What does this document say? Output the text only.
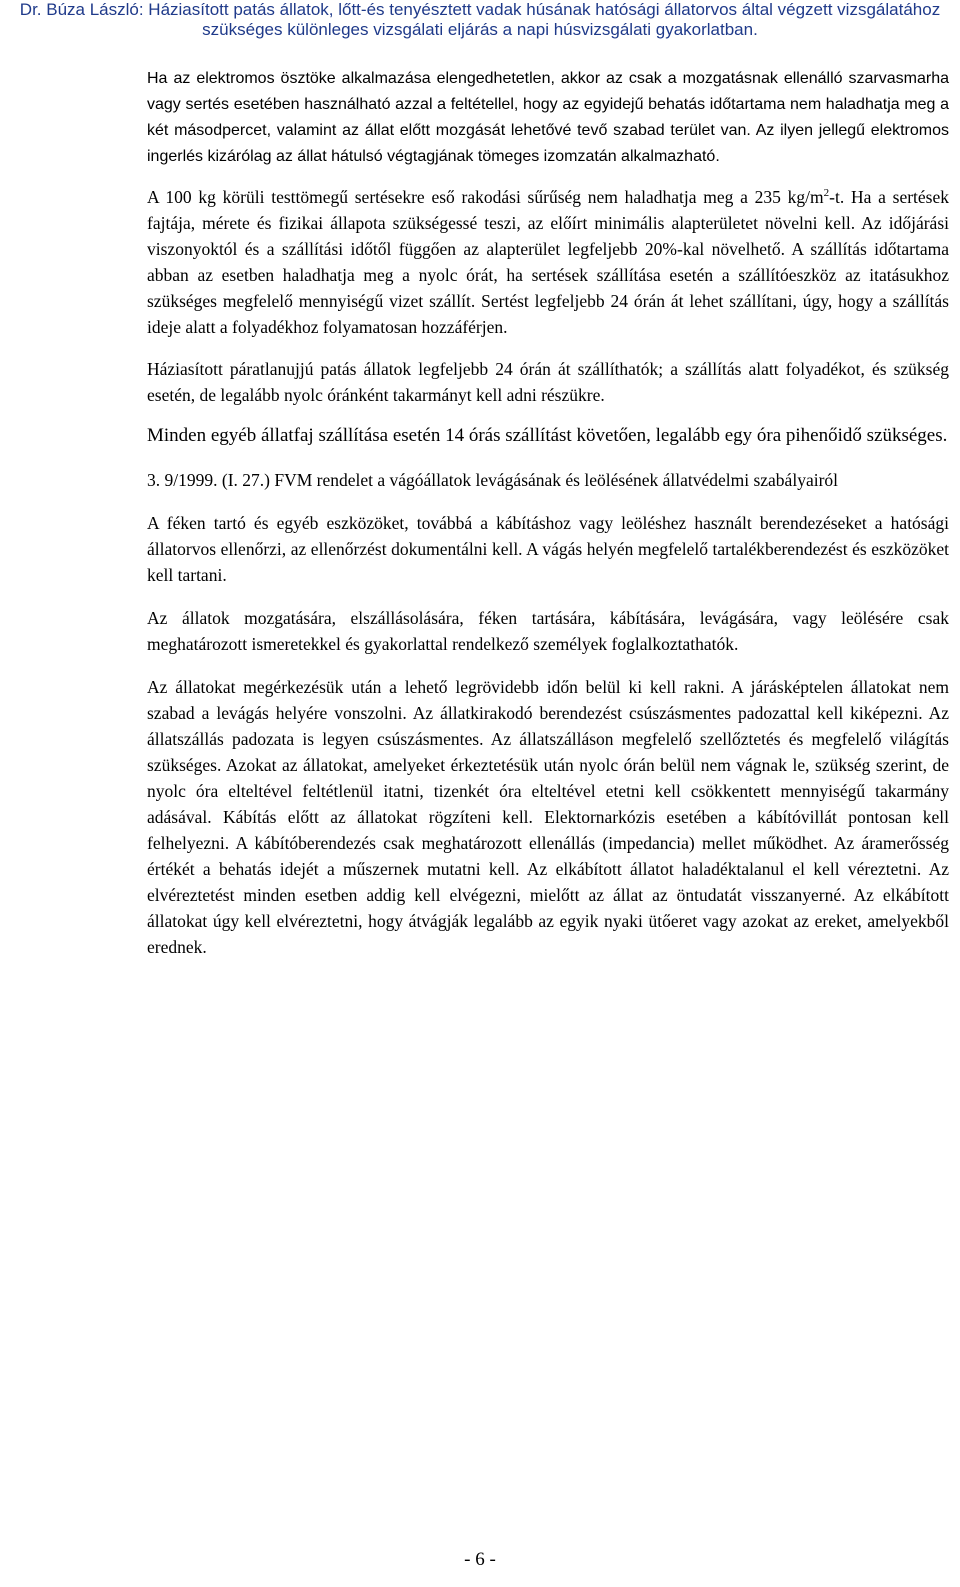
Dr. Búza László: Háziasított patás állatok, lőtt-és tenyésztett vadak húsának hatósági állatorvos által végzett vizsgálatához
szükséges különleges vizsgálati eljárás a napi húsvizsgálati gyakorlatban.

Ha az elektromos ösztöke alkalmazása elengedhetetlen, akkor az csak a mozgatásnak ellenálló szarvasmarha vagy sertés esetében használható azzal a feltétellel, hogy az egyidejű behatás időtartama nem haladhatja meg a két másodpercet, valamint az állat előtt mozgását lehetővé tevő szabad terület van. Az ilyen jellegű elektromos ingerlés kizárólag az állat hátulsó végtagjának tömeges izomzatán alkalmazható.

A 100 kg körüli testtömegű sertésekre eső rakodási sűrűség nem haladhatja meg a 235 $kg/m^2-t$. Ha a sertések fajtája, mérete és fizikai állapota szükségessé teszi, az előírt minimális alapterületet növelni kell. Az időjárási viszonyoktól és a szállítási időtől függően az alapterület legfeljebb 20%-kal növelhető. A szállítás időtartama abban az esetben haladhatja meg a nyolc órát, ha sertések szállítása esetén a szállítóeszköz az itatásukhoz szükséges megfelelő mennyiségű vizet szállít. Sertést legfeljebb 24 órán át lehet szállítani, úgy, hogy a szállítás ideje alatt a folyadékhoz folyamatosan hozzáférjen.

Háziasított páratlanujjú patás állatok legfeljebb 24 órán át szállíthatók; a szállítás alatt folyadékot, és szükség esetén, de legalább nyolc óránként takarmányt kell adni részükre.

Minden egyéb állatfaj szállítása esetén 14 órás szállítást követően, legalább egy óra pihenőidő szükséges.

3. 9/1999. (I. 27.) FVM rendelet a vágóállatok levágásának és leölésének állatvédelmi szabályairól

A féken tartó és egyéb eszközöket, továbbá a kábításhoz vagy leöléshez használt berendezéseket a hatósági állatorvos ellenőrzi, az ellenőrzést dokumentálni kell. A vágás helyén megfelelő tartalékberendezést és eszközöket kell tartani.

Az állatok mozgatására, elszállásolására, féken tartására, kábítására, levágására, vagy leölésére csak meghatározott ismeretekkel és gyakorlattal rendelkező személyek foglalkoztathatók.

Az állatokat megérkezésük után a lehető legrövidebb időn belül ki kell rakni. A járásképtelen állatokat nem szabad a levágás helyére vonszolni. Az állatkirakodó berendezést csúszásmentes padozattal kell kiképezni. Az állatszállás padozata is legyen csúszásmentes. Az állatszálláson megfelelő szellőztetés és megfelelő világítás szükséges. Azokat az állatokat, amelyeket érkeztetésük után nyolc órán belül nem vágnak le, szükség szerint, de nyolc óra elteltével feltétlenül itatni, tizenkét óra elteltével etetni kell csökkentett mennyiségű takarmány adásával. Kábítás előtt az állatokat rögzíteni kell. Elektornarkózis esetében a kábítóvillát pontosan kell felhelyezni. A kábítóberendezés csak meghatározott ellenállás (impedancia) mellet működhet. Az áramerősség értékét a behatás idejét a műszernek mutatni kell. Az elkábított állatot haladéktalanul el kell véreztetni. Az elvéreztetést minden esetben addig kell elvégezni, mielőtt az állat az öntudatát visszanyerné. Az elkábított állatokat úgy kell elvéreztetni, hogy átvágják legalább az egyik nyaki ütőeret vagy azokat az ereket, amelyekből erednek.

- 6 -
